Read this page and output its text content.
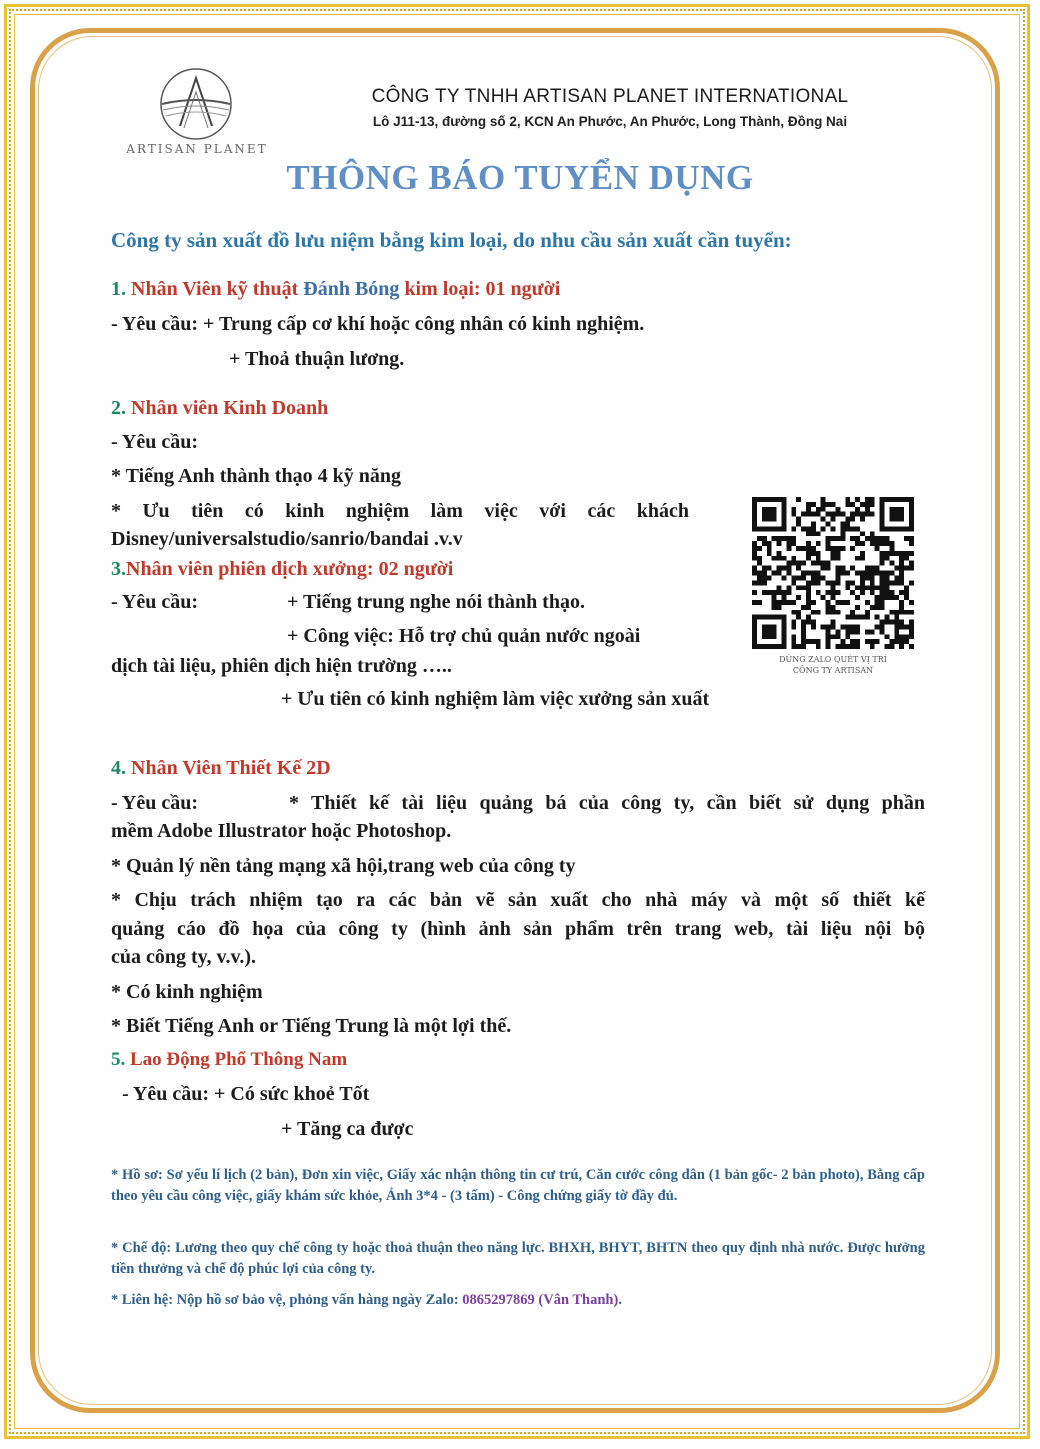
ARTISAN PLANET
CÔNG TY TNHH ARTISAN PLANET INTERNATIONAL
Lô J11-13, đường số 2, KCN An Phước, An Phước, Long Thành, Đồng Nai
THÔNG BÁO TUYỂN DỤNG
Công ty sản xuất đồ lưu niệm bằng kim loại, do nhu cầu sản xuất cần tuyển:
1. Nhân Viên kỹ thuật Đánh Bóng kim loại: 01 người
- Yêu cầu: + Trung cấp cơ khí hoặc công nhân có kinh nghiệm.
+ Thoả thuận lương.
2. Nhân viên Kinh Doanh
- Yêu cầu:
* Tiếng Anh thành thạo 4 kỹ năng
* Ưu tiên có kinh nghiệm làm việc với các khách
Disney/universalstudio/sanrio/bandai .v.v
3.Nhân viên phiên dịch xưởng: 02 người
- Yêu cầu:	+ Tiếng trung nghe nói thành thạo.
+ Công việc: Hỗ trợ chủ quản nước ngoài
dịch tài liệu, phiên dịch hiện trường …..
+ Ưu tiên có kinh nghiệm làm việc xưởng sản xuất
DÙNG ZALO QUÉT VỊ TRÍ
CÔNG TY ARTISAN
4. Nhân Viên Thiết Kế 2D
- Yêu cầu:	* Thiết kế tài liệu quảng bá của công ty, cần biết sử dụng phần
mềm Adobe Illustrator hoặc Photoshop.
* Quản lý nền tảng mạng xã hội,trang web của công ty
* Chịu trách nhiệm tạo ra các bản vẽ sản xuất cho nhà máy và một số thiết kế
quảng cáo đồ họa của công ty (hình ảnh sản phẩm trên trang web, tài liệu nội bộ
của công ty, v.v.).
* Có kinh nghiệm
* Biết Tiếng Anh or Tiếng Trung là một lợi thế.
5. Lao Động Phổ Thông Nam
- Yêu cầu: + Có sức khoẻ Tốt
+ Tăng ca được
* Hồ sơ: Sơ yếu lí lịch (2 bản), Đơn xin việc, Giấy xác nhận thông tin cư trú, Căn cước công dân (1 bản gốc- 2 bản photo), Bằng cấp theo yêu cầu công việc, giấy khám sức khỏe, Ảnh 3*4 - (3 tấm) - Công chứng giấy tờ đầy đủ.
* Chế độ: Lương theo quy chế công ty hoặc thoả thuận theo năng lực. BHXH, BHYT, BHTN theo quy định nhà nước. Được hưởng tiền thưởng và chế độ phúc lợi của công ty.
* Liên hệ: Nộp hồ sơ bảo vệ, phỏng vấn hàng ngày Zalo: 0865297869 (Vân Thanh).
